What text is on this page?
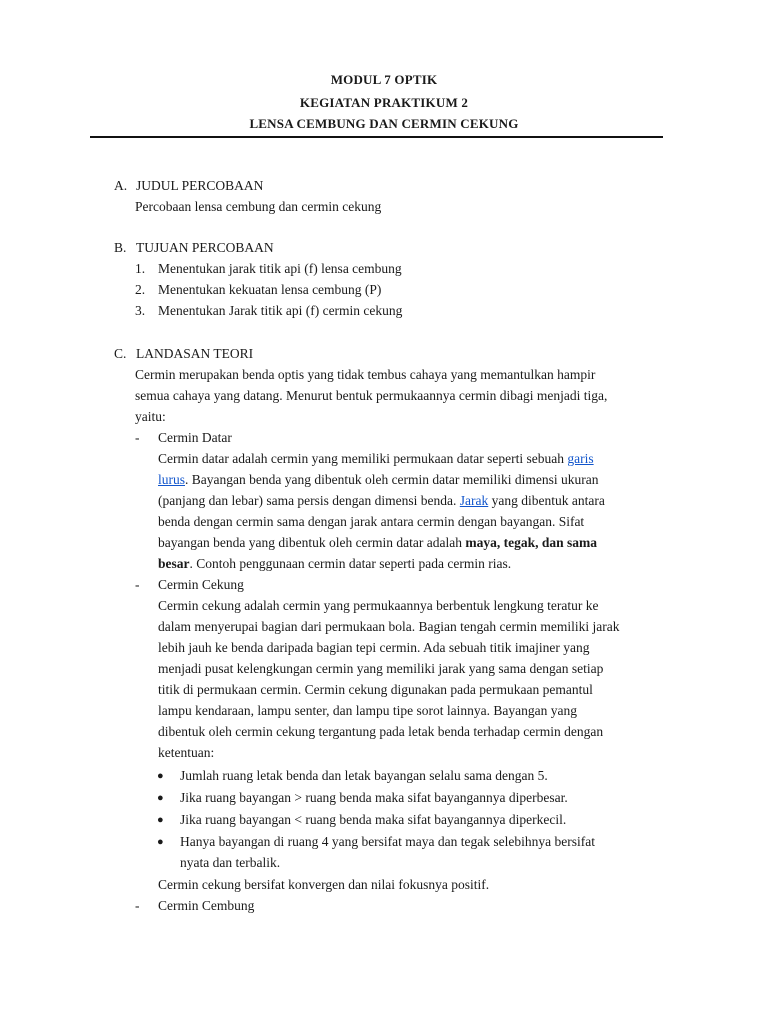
MODUL 7 OPTIK
KEGIATAN PRAKTIKUM 2
LENSA CEMBUNG DAN CERMIN CEKUNG
A. JUDUL PERCOBAAN
Percobaan lensa cembung dan cermin cekung
B. TUJUAN PERCOBAAN
1. Menentukan jarak titik api (f) lensa cembung
2. Menentukan kekuatan lensa cembung (P)
3. Menentukan Jarak titik api (f) cermin cekung
C. LANDASAN TEORI
Cermin merupakan benda optis yang tidak tembus cahaya yang memantulkan hampir
semua cahaya yang datang. Menurut bentuk permukaannya cermin dibagi menjadi tiga,
yaitu:
- Cermin Datar
Cermin datar adalah cermin yang memiliki permukaan datar seperti sebuah garis
lurus. Bayangan benda yang dibentuk oleh cermin datar memiliki dimensi ukuran
(panjang dan lebar) sama persis dengan dimensi benda. Jarak yang dibentuk antara
benda dengan cermin sama dengan jarak antara cermin dengan bayangan. Sifat
bayangan benda yang dibentuk oleh cermin datar adalah maya, tegak, dan sama
besar. Contoh penggunaan cermin datar seperti pada cermin rias.
- Cermin Cekung
Cermin cekung adalah cermin yang permukaannya berbentuk lengkung teratur ke
dalam menyerupai bagian dari permukaan bola. Bagian tengah cermin memiliki jarak
lebih jauh ke benda daripada bagian tepi cermin. Ada sebuah titik imajiner yang
menjadi pusat kelengkungan cermin yang memiliki jarak yang sama dengan setiap
titik di permukaan cermin. Cermin cekung digunakan pada permukaan pemantul
lampu kendaraan, lampu senter, dan lampu tipe sorot lainnya. Bayangan yang
dibentuk oleh cermin cekung tergantung pada letak benda terhadap cermin dengan
ketentuan:
● Jumlah ruang letak benda dan letak bayangan selalu sama dengan 5.
● Jika ruang bayangan > ruang benda maka sifat bayangannya diperbesar.
● Jika ruang bayangan < ruang benda maka sifat bayangannya diperkecil.
● Hanya bayangan di ruang 4 yang bersifat maya dan tegak selebihnya bersifat
nyata dan terbalik.
Cermin cekung bersifat konvergen dan nilai fokusnya positif.
- Cermin Cembung
